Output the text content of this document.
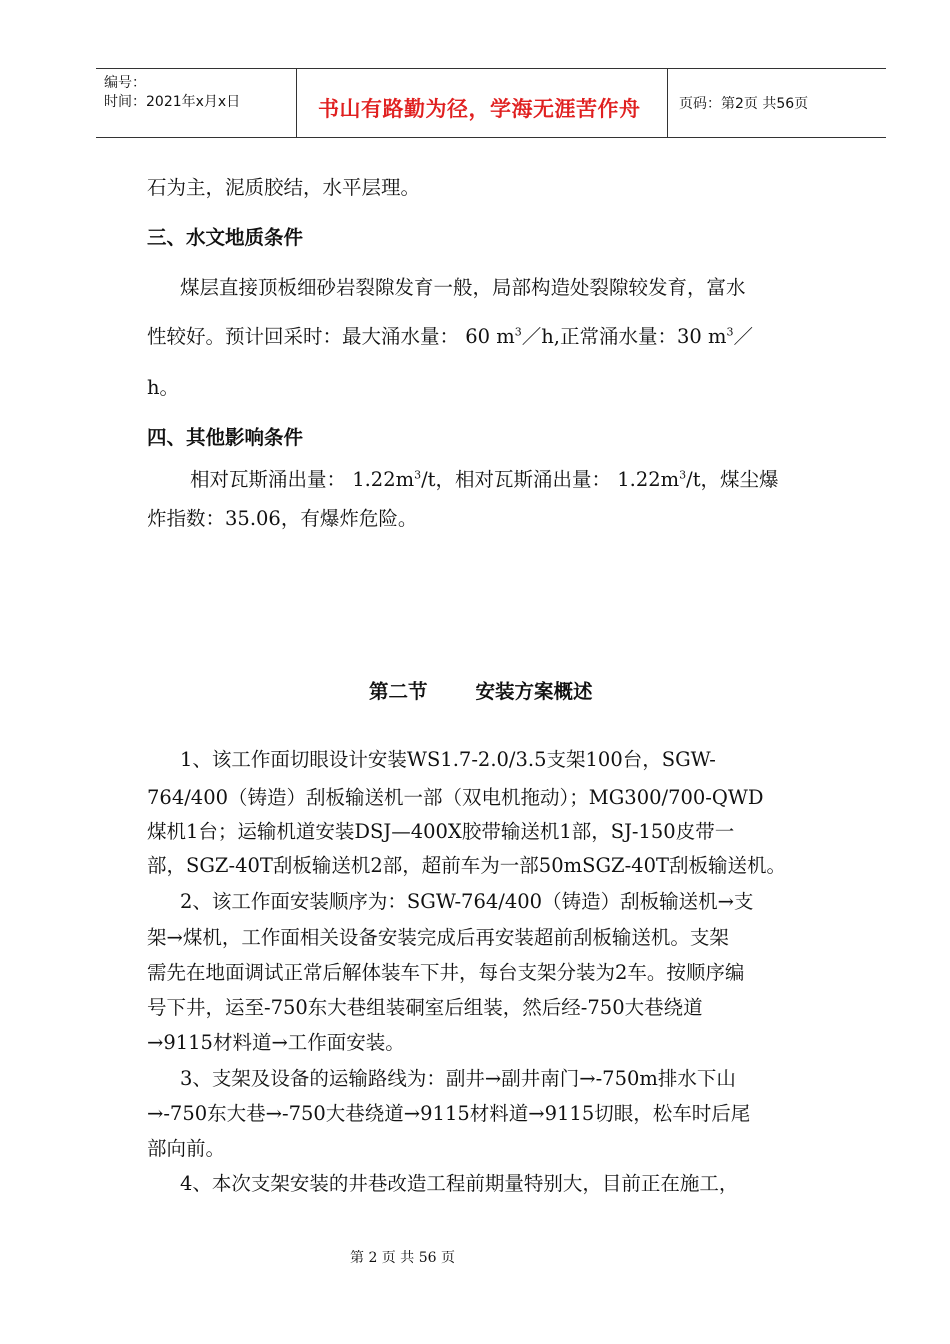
编号：
时间：2021年x月x日	书山有路勤为径，学海无涯苦作舟	页码：第2页 共56页
石为主，泥质胶结，水平层理。
三、水文地质条件
煤层直接顶板细砂岩裂隙发育一般，局部构造处裂隙较发育，富水
性较好。预计回采时：最大涌水量： 60 $m^3/h$,正常涌水量：30 $m^3/$
h。
四、其他影响条件
相对瓦斯涌出量： $1.22m^3/t$，相对瓦斯涌出量： $1.22m^3/t$，煤尘爆
炸指数：35.06，有爆炸危险。
第二节 安装方案概述
1、该工作面切眼设计安装WS1.7-2.0/3.5支架100台，SGW-
764/400（铸造）刮板输送机一部（双电机拖动）；MG300/700-QWD
煤机1台；运输机道安装DSJ—400X胶带输送机1部，SJ-150皮带一
部，SGZ-40T刮板输送机2部，超前车为一部50mSGZ-40T刮板输送机。
2、该工作面安装顺序为：SGW-764/400（铸造）刮板输送机→支
架→煤机，工作面相关设备安装完成后再安装超前刮板输送机。支架
需先在地面调试正常后解体装车下井，每台支架分装为2车。按顺序编
号下井，运至-750东大巷组装硐室后组装，然后经-750大巷绕道
→9115材料道→工作面安装。
3、支架及设备的运输路线为：副井→副井南门→-750m排水下山
→-750东大巷→-750大巷绕道→9115材料道→9115切眼，松车时后尾
部向前。
4、本次支架安装的井巷改造工程前期量特别大，目前正在施工，
第 2 页 共 56 页
